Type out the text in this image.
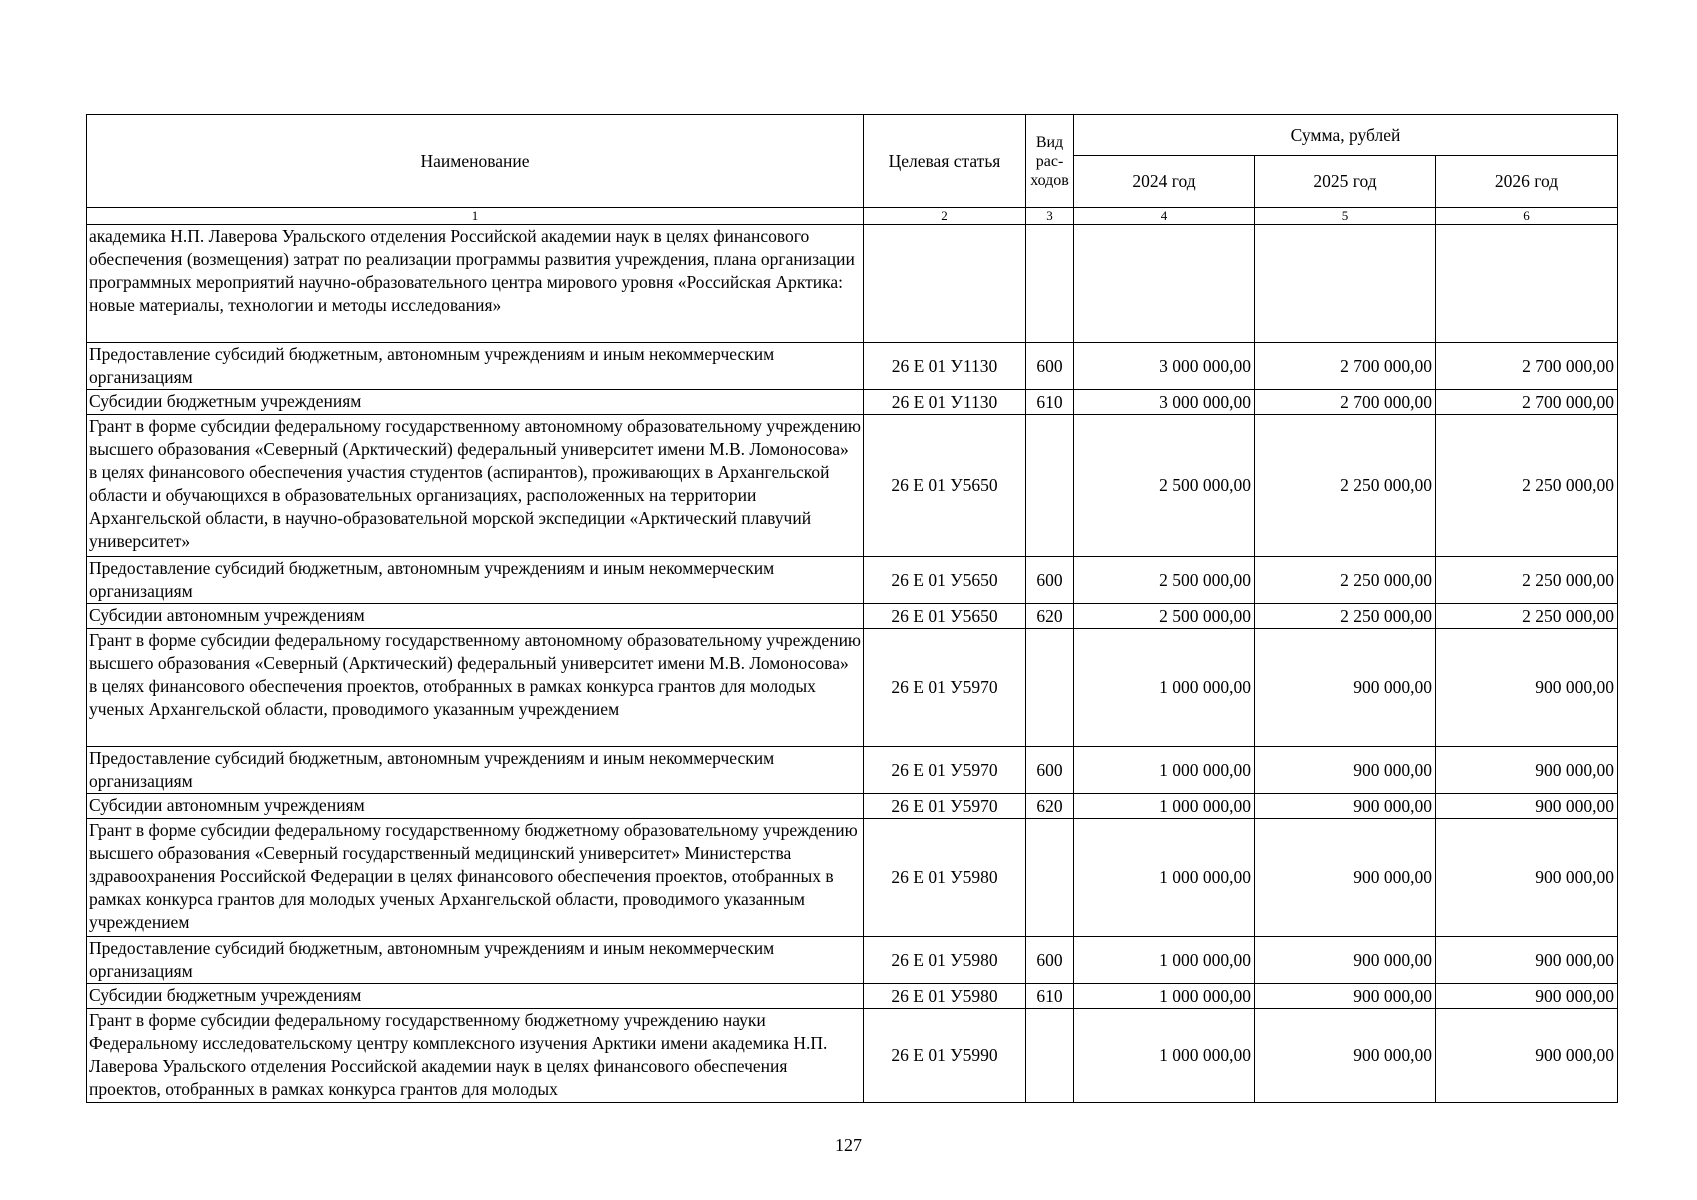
Наименование	Целевая статья	Вид рас-ходов	Сумма, рублей		
			2024 год	2025 год	2026 год
1	2	3	4	5	6
академика Н.П. Лаверова Уральского отделения Российской академии наук в целях финансового обеспечения (возмещения) затрат по реализации программы развития учреждения, плана организации программных мероприятий научно-образовательного центра мирового уровня «Российская Арктика: новые материалы, технологии и методы исследования»					
Предоставление субсидий бюджетным, автономным учреждениям и иным некоммерческим организациям	26 Е 01 У1130	600	3 000 000,00	2 700 000,00	2 700 000,00
Субсидии бюджетным учреждениям	26 Е 01 У1130	610	3 000 000,00	2 700 000,00	2 700 000,00
Грант в форме субсидии федеральному государственному автономному образовательному учреждению высшего образования «Северный (Арктический) федеральный университет имени М.В. Ломоносова» в целях финансового обеспечения участия студентов (аспирантов), проживающих в Архангельской области и обучающихся в образовательных организациях, расположенных на территории Архангельской области, в научно-образовательной морской экспедиции «Арктический плавучий университет»	26 Е 01 У5650		2 500 000,00	2 250 000,00	2 250 000,00
Предоставление субсидий бюджетным, автономным учреждениям и иным некоммерческим организациям	26 Е 01 У5650	600	2 500 000,00	2 250 000,00	2 250 000,00
Субсидии автономным учреждениям	26 Е 01 У5650	620	2 500 000,00	2 250 000,00	2 250 000,00
Грант в форме субсидии федеральному государственному автономному образовательному учреждению высшего образования «Северный (Арктический) федеральный университет имени М.В. Ломоносова» в целях финансового обеспечения проектов, отобранных в рамках конкурса грантов для молодых ученых Архангельской области, проводимого указанным учреждением	26 Е 01 У5970		1 000 000,00	900 000,00	900 000,00
Предоставление субсидий бюджетным, автономным учреждениям и иным некоммерческим организациям	26 Е 01 У5970	600	1 000 000,00	900 000,00	900 000,00
Субсидии автономным учреждениям	26 Е 01 У5970	620	1 000 000,00	900 000,00	900 000,00
Грант в форме субсидии федеральному государственному бюджетному образовательному учреждению высшего образования «Северный государственный медицинский университет» Министерства здравоохранения Российской Федерации в целях финансового обеспечения проектов, отобранных в рамках конкурса грантов для молодых ученых Архангельской области, проводимого указанным учреждением	26 Е 01 У5980		1 000 000,00	900 000,00	900 000,00
Предоставление субсидий бюджетным, автономным учреждениям и иным некоммерческим организациям	26 Е 01 У5980	600	1 000 000,00	900 000,00	900 000,00
Субсидии бюджетным учреждениям	26 Е 01 У5980	610	1 000 000,00	900 000,00	900 000,00
Грант в форме субсидии федеральному государственному бюджетному учреждению науки Федеральному исследовательскому центру комплексного изучения Арктики имени академика Н.П. Лаверова Уральского отделения Российской академии наук в целях финансового обеспечения проектов, отобранных в рамках конкурса грантов для молодых	26 Е 01 У5990		1 000 000,00	900 000,00	900 000,00
127
